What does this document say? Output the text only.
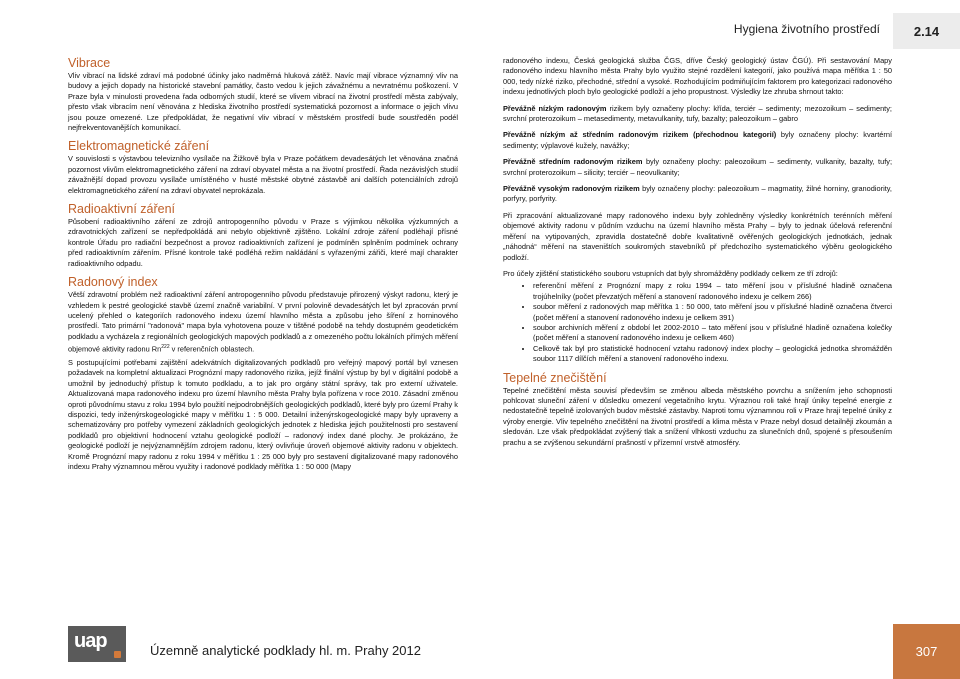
Hygiena životního prostředí	2.14
Vibrace

Vliv vibrací na lidské zdraví má podobné účinky jako nadměrná hluková zátěž. Navíc mají vibrace významný vliv na budovy a jejich dopady na historické stavební památky, často vedou k jejich závažnému a nevratnému poškození. V Praze byla v minulosti provedena řada odborných studií, které se vlivem vibrací na životní prostředí města zabývaly, přesto však vibracím není věnována z hlediska životního prostředí systematická pozornost a informace o jejich vlivu jsou pouze omezené. Lze předpokládat, že negativní vliv vibrací v městském prostředí bude soustředěn podél nejfrekventovanějších komunikací.

Elektromagnetické záření

V souvislosti s výstavbou televizního vysílače na Žižkově byla v Praze počátkem devadesátých let věnována značná pozornost vlivům elektromagnetického záření na zdraví obyvatel města a na životní prostředí. Řada nezávislých studií závažnější dopad provozu vysílače umístěného v husté městské obytné zástavbě ani dalších potenciálních zdrojů elektromagnetického záření na zdraví obyvatel neprokázala.

Radioaktivní záření

Působení radioaktivního záření ze zdrojů antropogenního původu v Praze s výjimkou několika výzkumných a zdravotnických zařízení se nepředpokládá ani nebylo objektivně zjištěno. Lokální zdroje záření podléhají přísné kontrole Úřadu pro radiační bezpečnost a provoz radioaktivních zařízení je podmíněn splněním podmínek ochrany před radioaktivním zářením. Přísné kontrole také podléhá režim nakládání s vyřazenými zářiči, které mají charakter radioaktivního odpadu.

Radonový index

Větší zdravotní problém než radioaktivní záření antropogenního původu představuje přirozený výskyt radonu, který je vzhledem k pestré geologické stavbě území značně variabilní. V první polovině devadesátých let byl zpracován první ucelený přehled o kategoriích radonového indexu území hlavního města a způsobu jeho šíření z horninového prostředí. Tato primární "radonová" mapa byla vyhotovena pouze v tištěné podobě na tehdy dostupném geodetickém podkladu a vycházela z regionálních geologických mapových podkladů a z omezeného počtu lokálních přímých měření objemové aktivity radonu Rn$^{222}$ v referenčních oblastech.

S postupujícími potřebami zajištění adekvátních digitalizovaných podkladů pro veřejný mapový portál byl vznesen požadavek na kompletní aktualizaci Prognózní mapy radonového rizika, jejíž finální výstup by byl v digitální podobě a umožnil by jednoduchý přístup k tomuto podkladu, a to jak pro orgány státní správy, tak pro externí uživatele. Aktualizovaná mapa radonového indexu pro území hlavního města Prahy byla pořízena v roce 2010. Zásadní změnou oproti původnímu stavu z roku 1994 bylo použití nejpodrobnějších geologických podkladů, které byly pro území Prahy k dispozici, tedy inženýrskogeologické mapy v měřítku 1 : 5 000. Detailní inženýrskogeologické mapy byly upraveny a schematizovány pro potřeby vymezení základních geologických jednotek z hlediska jejich použitelnosti pro sestavení podkladů pro objektivní hodnocení vztahu geologické podloží – radonový index dané plochy. Je prokázáno, že geologické podloží je nejvýznamnějším zdrojem radonu, který ovlivňuje úroveň objemové aktivity radonu v objektech. Kromě Prognózní mapy radonu z roku 1994 v měřítku 1 : 25 000 byly pro sestavení digitalizované mapy radonového indexu Prahy významnou měrou využity i radonové podklady měřítka 1 : 50 000 (Mapy

radonového indexu, Česká geologická služba ČGS, dříve Český geologický ústav ČGÚ). Při sestavování Mapy radonového indexu hlavního města Prahy bylo využito stejné rozdělení kategorií, jako používá mapa měřítka 1 : 50 000, tedy nízké riziko, přechodné, střední a vysoké. Rozhodujícím podmiňujícím faktorem pro kategorizaci radonového indexu jednotlivých ploch bylo geologické podloží a jeho propustnost. Výsledky lze zhruba shrnout takto:

Převážně nízkým radonovým rizikem byly označeny plochy: křída, terciér – sedimenty; mezozoikum – sedimenty; svrchní proterozoikum – metasedimenty, metavulkanity, tufy, bazalty; paleozoikum – gabro

Převážně nízkým až středním radonovým rizikem (přechodnou kategorií) byly označeny plochy: kvartérní sedimenty; výplavové kužely, navážky;

Převážně středním radonovým rizikem byly označeny plochy: paleozoikum – sedimenty, vulkanity, bazalty, tufy; svrchní proterozoikum – silicity; terciér – neovulkanity;

Převážně vysokým radonovým rizikem byly označeny plochy: paleozoikum – magmatity, žilné horniny, granodiority, porfyry, porfyrity.

Při zpracování aktualizované mapy radonového indexu byly zohledněny výsledky konkrétních terénních měření objemové aktivity radonu v půdním vzduchu na území hlavního města Prahy – byly to jednak účelová referenční měření na vytipovaných, zpravidla dostatečně dobře kvalitativně ověřených geologických jednotkách, jednak „náhodná“ měření na staveništích soukromých stavebníků př předchozího systematického výběru geologického podloží.

Pro účely zjištění statistického souboru vstupních dat byly shromážděny podklady celkem ze tří zdrojů:

• referenční měření z Prognózní mapy z roku 1994 – tato měření jsou v příslušné hladině označena trojúhelníky (počet převzatých měření a stanovení radonového indexu je celkem 266)
• soubor měření z radonových map měřítka 1 : 50 000, tato měření jsou v příslušné hladině označena čtverci (počet měření a stanovení radonového indexu je celkem 391)
• soubor archivních měření z období let 2002-2010 – tato měření jsou v příslušné hladině označena kolečky (počet měření a stanovení radonového indexu je celkem 460)
• Celkově tak byl pro statistické hodnocení vztahu radonový index plochy – geologická jednotka shromážděn soubor 1117 dílčích měření a stanovení radonového indexu.
Tepelné znečištění

Tepelné znečištění města souvisí především se změnou albeda městského povrchu a snížením jeho schopnosti pohlcovat sluneční záření v důsledku omezení vegetačního krytu. Výraznou roli také hrají úniky tepelné energie z nedostatečně tepelně izolovaných budov městské zástavby. Naproti tomu významnou roli v Praze hraji tepelné úniky z výroby energie. Vliv tepelného znečištění na životní prostředí a klima města v Praze nebyl dosud detailněji zkoumán a sledován. Lze však předpokládat zvýšený tlak a snížení vlhkosti vzduchu za slunečních dnů, spojené s přesoušením prachu a se zvýšenou sekundární prašností v přízemní vrstvě atmosféry.

uap	Územně analytické podklady hl. m. Prahy 2012	307
